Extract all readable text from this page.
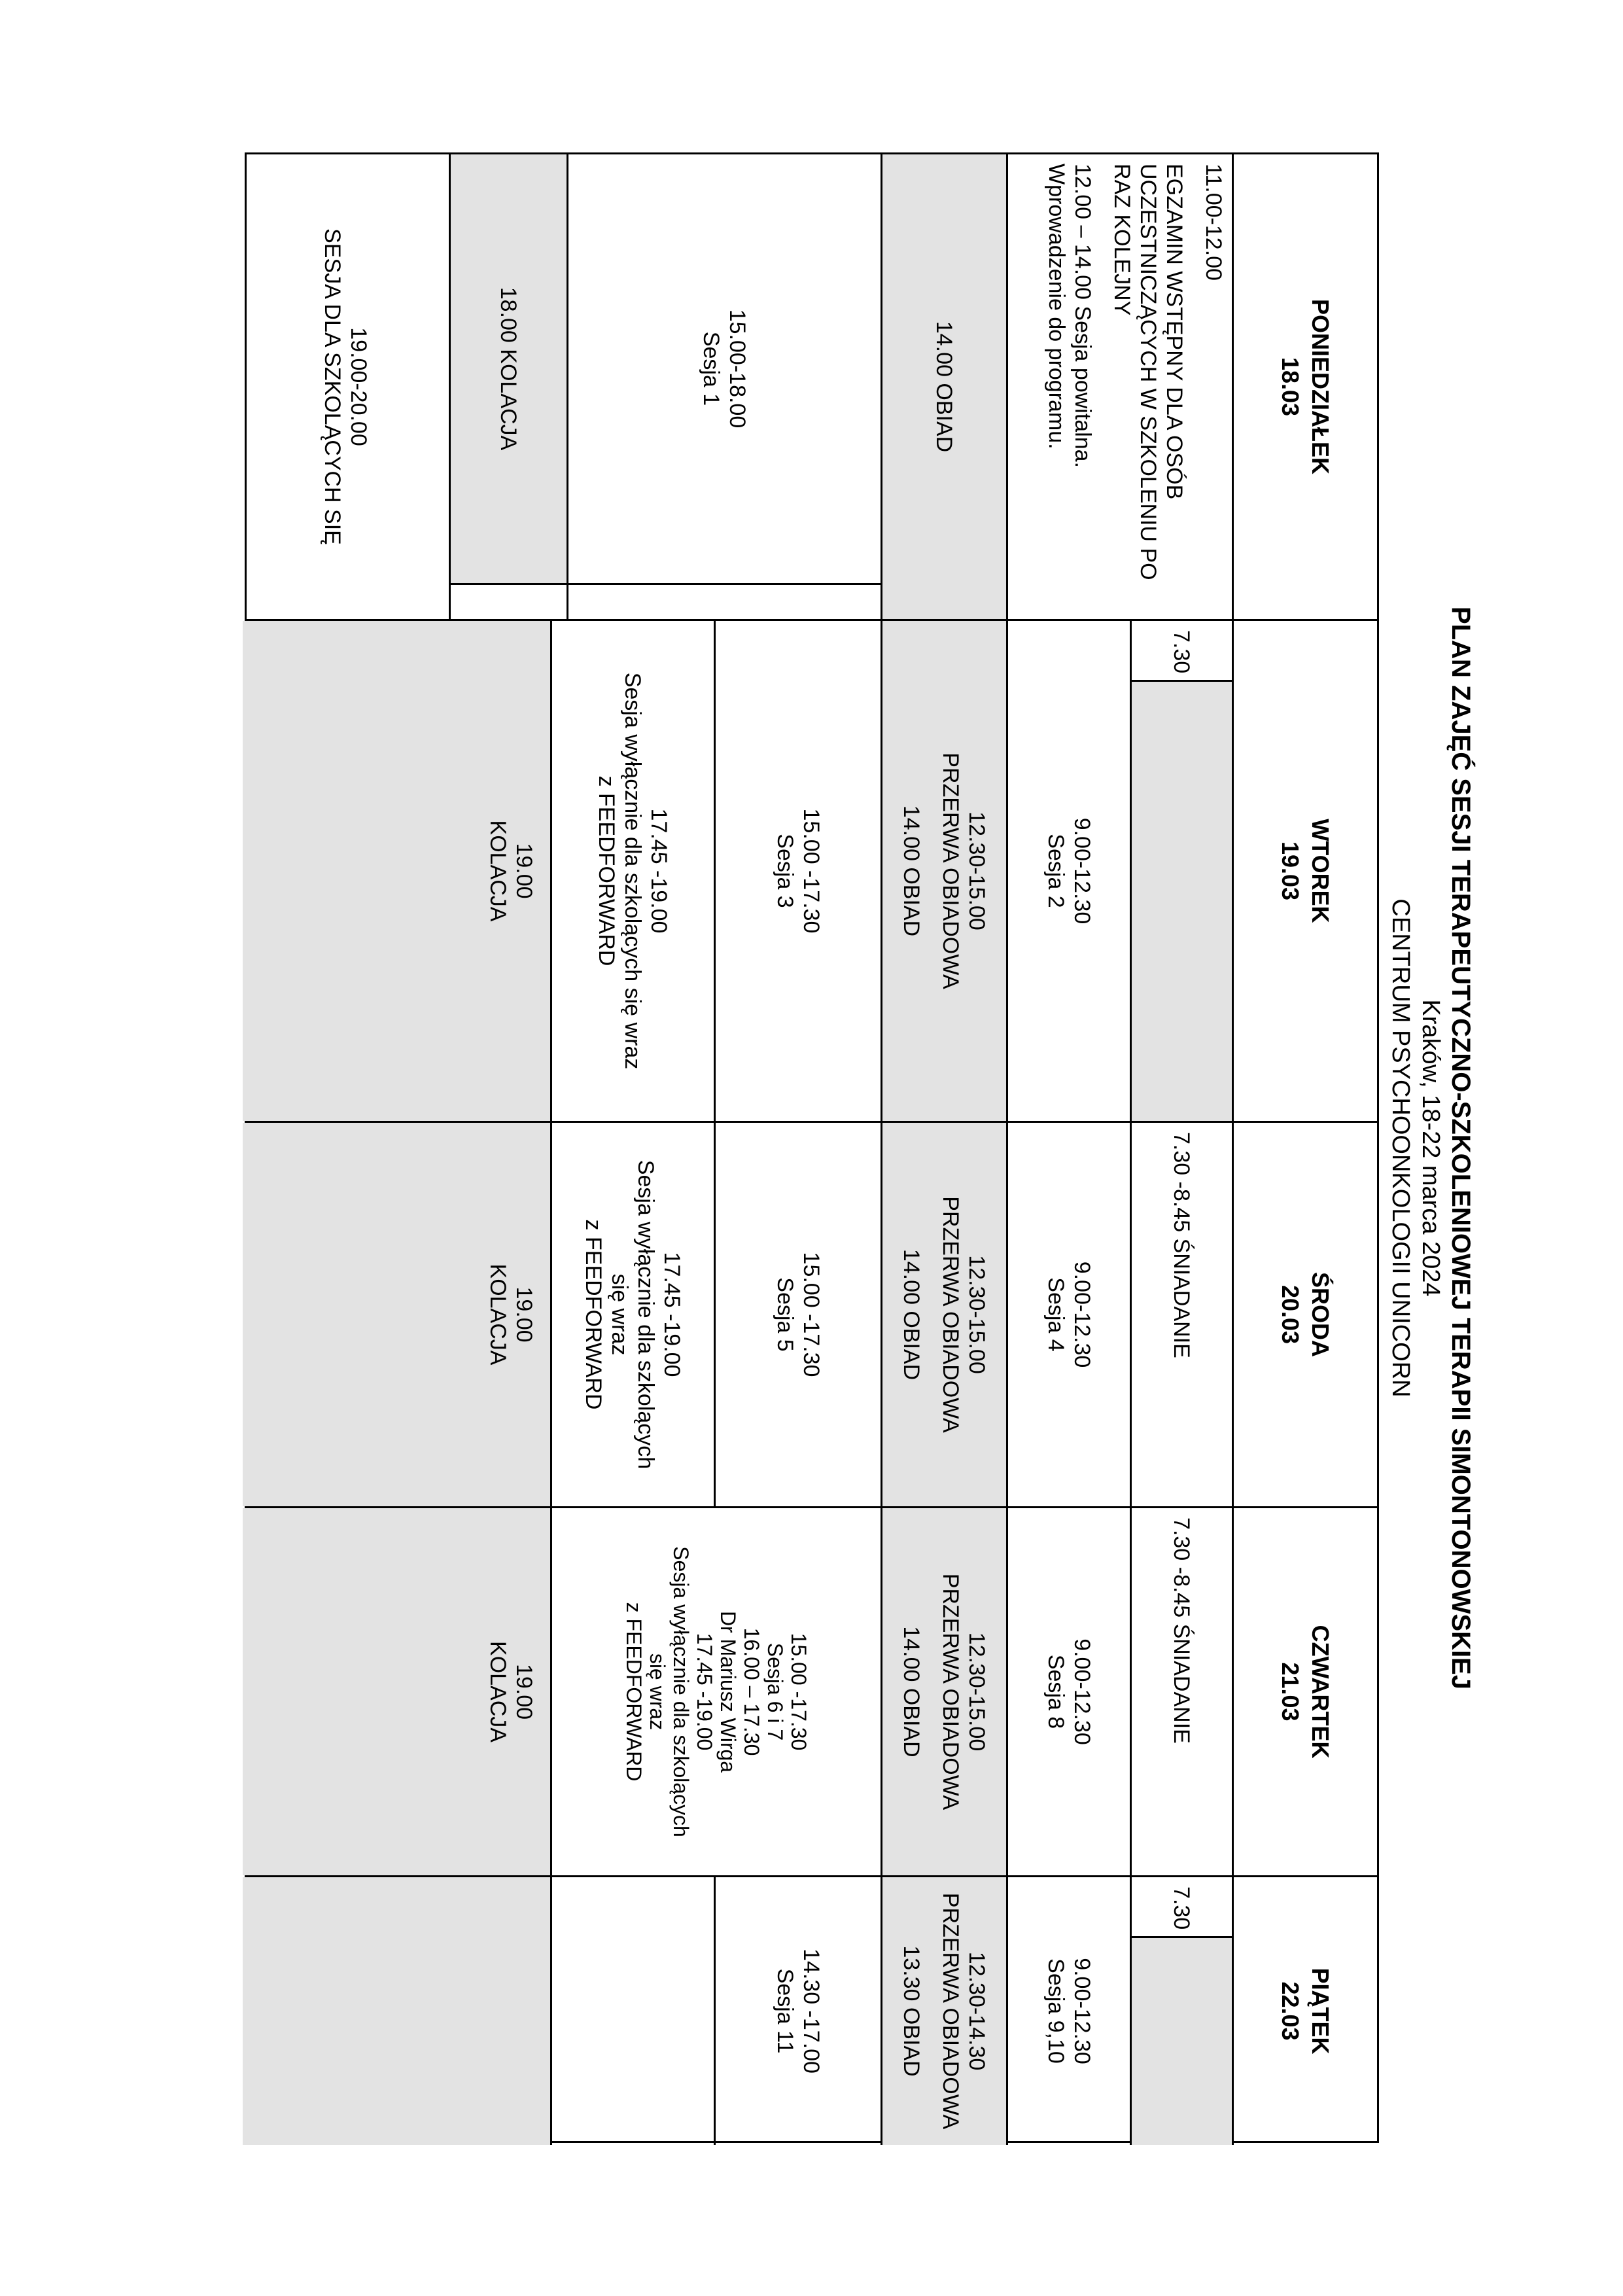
PLAN ZAJĘĆ SESJI TERAPEUTYCZNO-SZKOLENIOWEJ TERAPII SIMONTONOWSKIEJ
Kraków, 18-22 marca 2024
CENTRUM PSYCHOONKOLOGII UNICORN
PONIEDZIAŁEK
18.03
11.00-12.00
EGZAMIN WSTĘPNY DLA OSÓB
UCZESTNICZĄCYCH W SZKOLENIU PO
RAZ KOLEJNY
12.00 – 14.00 Sesja powitalna.
Wprowadzenie do programu.
14.00 OBIAD
15.00-18.00
Sesja 1
18.00 KOLACJA
19.00-20.00
SESJA DLA SZKOLĄCYCH SIĘ
WTOREK
19.03
9.00-12.30
Sesja 2
12.30-15.00
PRZERWA OBIADOWA
14.00 OBIAD
15.00 -17.30
Sesja 3
17.45 -19.00
Sesja wyłącznie dla szkolących się wraz
z FEEDFORWARD
19.00
KOLACJA
ŚRODA
20.03
7.30 -8.45 ŚNIADANIE
9.00-12.30
Sesja 4
12.30-15.00
PRZERWA OBIADOWA
14.00 OBIAD
15.00 -17.30
Sesja 5
17.45 -19.00
Sesja wyłącznie dla szkolących
się wraz
z FEEDFORWARD
19.00
KOLACJA
CZWARTEK
21.03
7.30 -8.45 ŚNIADANIE
9.00-12.30
Sesja 8
12.30-15.00
PRZERWA OBIADOWA
14.00 OBIAD
15.00 -17.30
Sesja 6 i 7
16.00 – 17.30
Dr Mariusz Wirga
17.45 -19.00
Sesja wyłącznie dla szkolących
się wraz
z FEEDFORWARD
19.00
KOLACJA
PIĄTEK
22.03
9.00-12.30
Sesja 9,10
12.30-14.30
PRZERWA OBIADOWA
13.30 OBIAD
14.30 -17.00
Sesja 11
